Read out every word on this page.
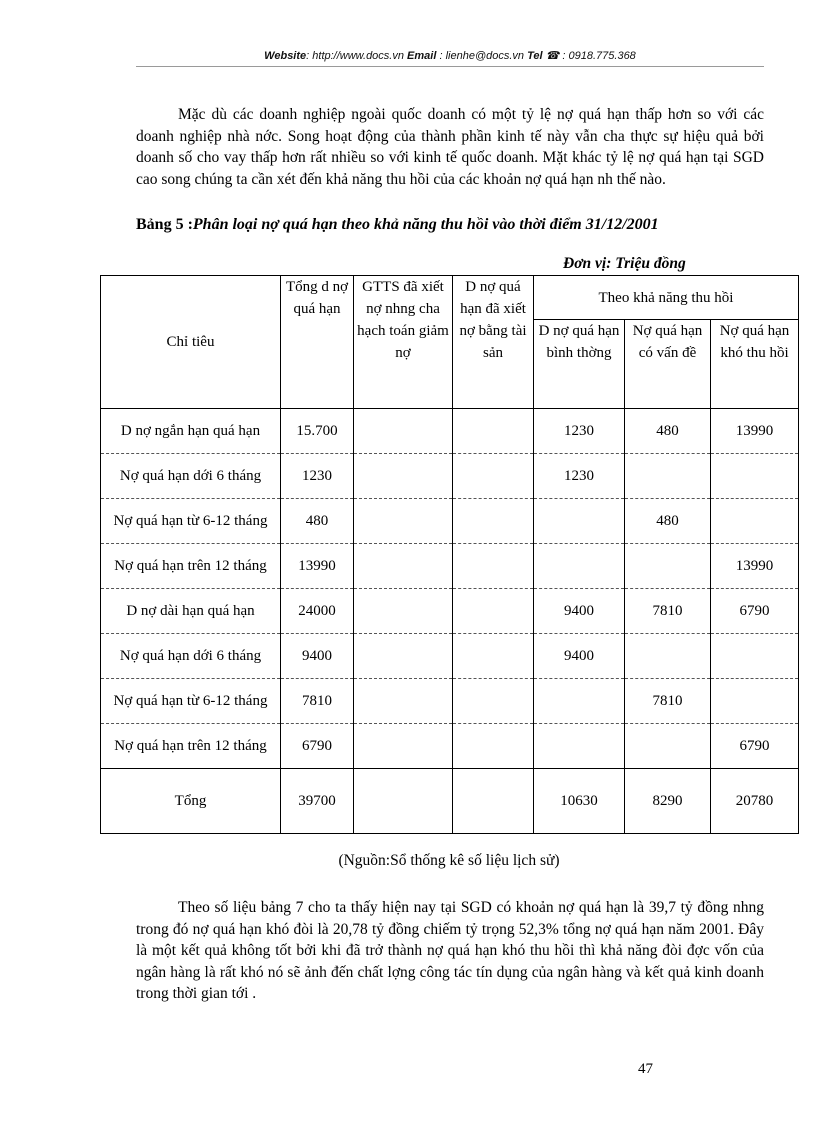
Website: http://www.docs.vn Email : lienhe@docs.vn Tel ☎ : 0918.775.368

Mặc dù các doanh nghiệp ngoài quốc doanh có một tỷ lệ nợ quá hạn thấp hơn so với các doanh nghiệp nhà nớc. Song hoạt động của thành phần kinh tế này vẫn cha thực sự hiệu quả bởi doanh số cho vay thấp hơn rất nhiều so với kinh tế quốc doanh. Mặt khác tỷ lệ nợ quá hạn tại SGD cao song chúng ta cần xét đến khả năng thu hồi của các khoản nợ quá hạn nh thế nào.

Bảng 5 :Phân loại nợ quá hạn theo khả năng thu hồi vào thời điểm 31/12/2001

Đơn vị: Triệu đồng
Chỉ tiêu	Tổng d nợ quá hạn	GTTS đã xiết nợ nhng cha hạch toán giảm nợ	D nợ quá hạn đã xiết nợ bằng tài sản	Theo khả năng thu hồi		
				D nợ quá hạn bình thờng	Nợ quá hạn có vấn đề	Nợ quá hạn khó thu hồi
D nợ ngắn hạn quá hạn	15.700			1230	480	13990
Nợ quá hạn dới 6 tháng	1230			1230		
Nợ quá hạn từ 6-12 tháng	480				480	
Nợ quá hạn trên 12 tháng	13990					13990
D nợ dài hạn quá hạn	24000			9400	7810	6790
Nợ quá hạn dới 6 tháng	9400			9400		
Nợ quá hạn từ 6-12 tháng	7810				7810	
Nợ quá hạn trên 12 tháng	6790					6790
Tổng	39700			10630	8290	20780
(Nguồn:Sổ thống kê số liệu lịch sử)

Theo số liệu bảng 7 cho ta thấy hiện nay tại SGD có khoản nợ quá hạn là 39,7 tỷ đồng nhng trong đó nợ quá hạn khó đòi là 20,78 tỷ đồng chiếm tỷ trọng 52,3% tổng nợ quá hạn năm 2001. Đây là một kết quả không tốt bởi khi đã trở thành nợ quá hạn khó thu hồi thì khả năng đòi đợc vốn của ngân hàng là rất khó nó sẽ ảnh đến chất lợng công tác tín dụng của ngân hàng và kết quả kinh doanh trong thời gian tới .

47
